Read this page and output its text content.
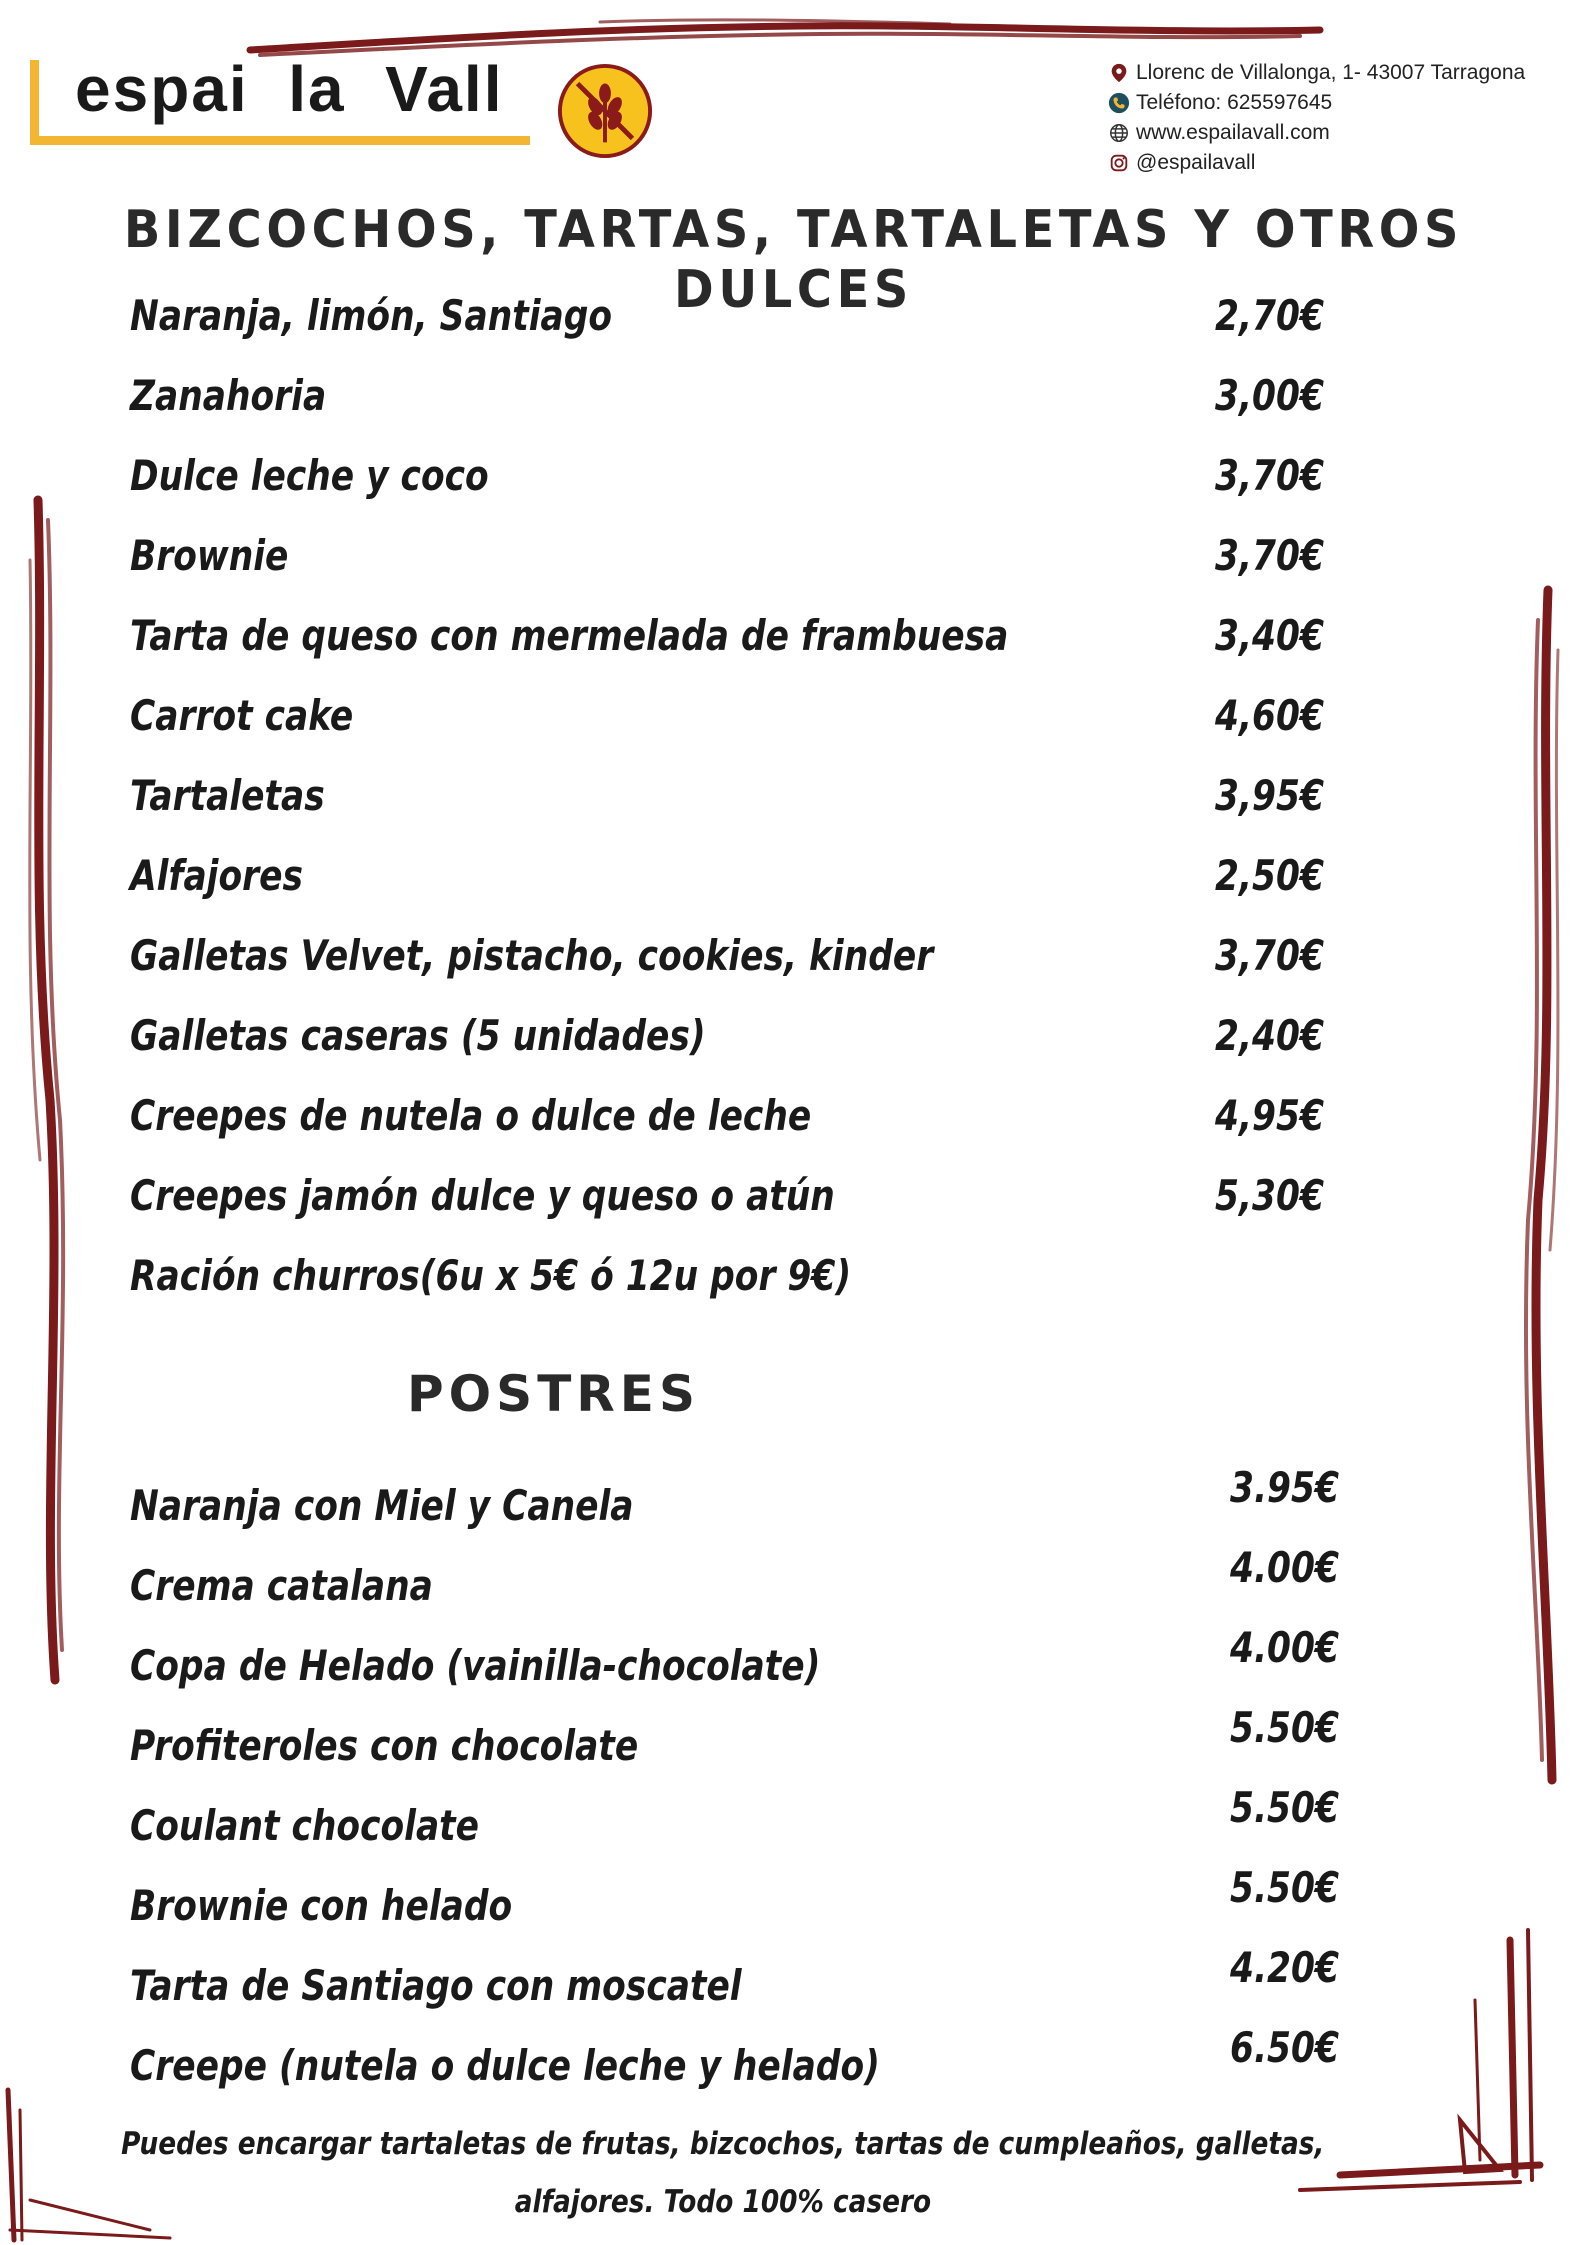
espai  la  Vall	Llorenc de Villalonga, 1- 43007 Tarragona
Teléfono: 625597645
www.espailavall.com
@espailavall
BIZCOCHOS, TARTAS, TARTALETAS Y OTROS DULCES
Naranja, limón, Santiago	2,70€
Zanahoria	3,00€
Dulce leche y coco	3,70€
Brownie	3,70€
Tarta de queso con mermelada de frambuesa	3,40€
Carrot cake	4,60€
Tartaletas	3,95€
Alfajores	2,50€
Galletas Velvet, pistacho, cookies, kinder	3,70€
Galletas caseras (5 unidades)	2,40€
Creepes de nutela o dulce de leche	4,95€
Creepes jamón dulce y queso o atún	5,30€
Ración churros(6u x 5€ ó 12u por 9€)
POSTRES
Naranja con Miel y Canela	3.95€
Crema catalana	4.00€
Copa de Helado (vainilla-chocolate)	4.00€
Profiteroles con chocolate	5.50€
Coulant chocolate	5.50€
Brownie con helado	5.50€
Tarta de Santiago con moscatel	4.20€
Creepe (nutela o dulce leche y helado)	6.50€
Puedes encargar tartaletas de frutas, bizcochos, tartas de cumpleaños, galletas,
alfajores. Todo 100% casero
